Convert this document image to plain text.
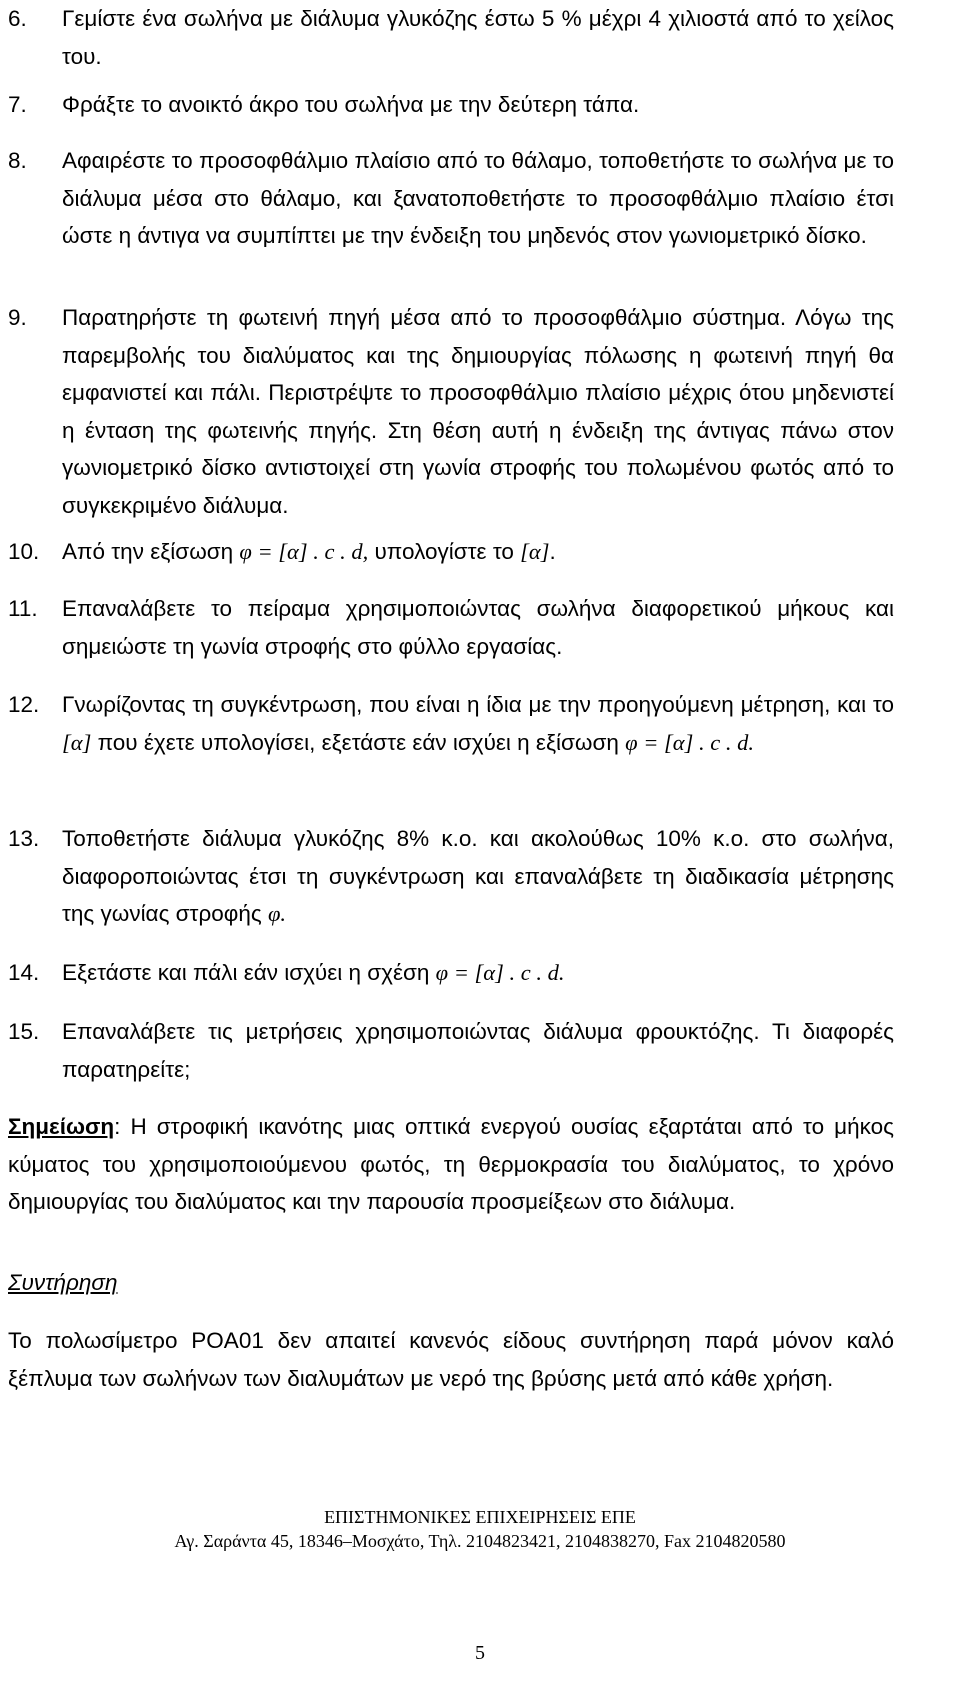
6. Γεμίστε ένα σωλήνα με διάλυμα γλυκόζης έστω 5 % μέχρι 4 χιλιοστά από το χείλος του.
7. Φράξτε το ανοικτό άκρο του σωλήνα με την δεύτερη τάπα.
8. Αφαιρέστε το προσοφθάλμιο πλαίσιο από το θάλαμο, τοποθετήστε το σωλήνα με το διάλυμα μέσα στο θάλαμο, και ξανατοποθετήστε το προσοφθάλμιο πλαίσιο έτσι ώστε η άντιγα να συμπίπτει με την ένδειξη του μηδενός στον γωνιομετρικό δίσκο.
9. Παρατηρήστε τη φωτεινή πηγή μέσα από το προσοφθάλμιο σύστημα. Λόγω της παρεμβολής του διαλύματος και της δημιουργίας πόλωσης η φωτεινή πηγή θα εμφανιστεί και πάλι. Περιστρέψτε το προσοφθάλμιο πλαίσιο μέχρις ότου μηδενιστεί η ένταση της φωτεινής πηγής. Στη θέση αυτή η ένδειξη της άντιγας πάνω στον γωνιομετρικό δίσκο αντιστοιχεί στη γωνία στροφής του πολωμένου φωτός από το συγκεκριμένο διάλυμα.
10. Από την εξίσωση φ = [α] . c . d, υπολογίστε το [α].
11. Επαναλάβετε το πείραμα χρησιμοποιώντας σωλήνα διαφορετικού μήκους και σημειώστε τη γωνία στροφής στο φύλλο εργασίας.
12. Γνωρίζοντας τη συγκέντρωση, που είναι η ίδια με την προηγούμενη μέτρηση, και το [α] που έχετε υπολογίσει, εξετάστε εάν ισχύει η εξίσωση φ = [α] . c . d.
13. Τοποθετήστε διάλυμα γλυκόζης 8% κ.ο. και ακολούθως 10% κ.ο. στο σωλήνα, διαφοροποιώντας έτσι τη συγκέντρωση και επαναλάβετε τη διαδικασία μέτρησης της γωνίας στροφής φ.
14. Εξετάστε και πάλι εάν ισχύει η σχέση φ = [α] . c . d.
15. Επαναλάβετε τις μετρήσεις χρησιμοποιώντας διάλυμα φρουκτόζης. Τι διαφορές παρατηρείτε;
Σημείωση: Η στροφική ικανότης μιας οπτικά ενεργού ουσίας εξαρτάται από το μήκος κύματος του χρησιμοποιούμενου φωτός, τη θερμοκρασία του διαλύματος, το χρόνο δημιουργίας του διαλύματος και την παρουσία προσμείξεων στο διάλυμα.
Συντήρηση
Το πολωσίμετρο POA01 δεν απαιτεί κανενός είδους συντήρηση παρά μόνον καλό ξέπλυμα των σωλήνων των διαλυμάτων με νερό της βρύσης μετά από κάθε χρήση.
ΕΠΙΣΤΗΜΟΝΙΚΕΣ ΕΠΙΧΕΙΡΗΣΕΙΣ ΕΠΕ
Αγ. Σαράντα 45, 18346–Μοσχάτο, Τηλ. 2104823421, 2104838270, Fax 2104820580
5
